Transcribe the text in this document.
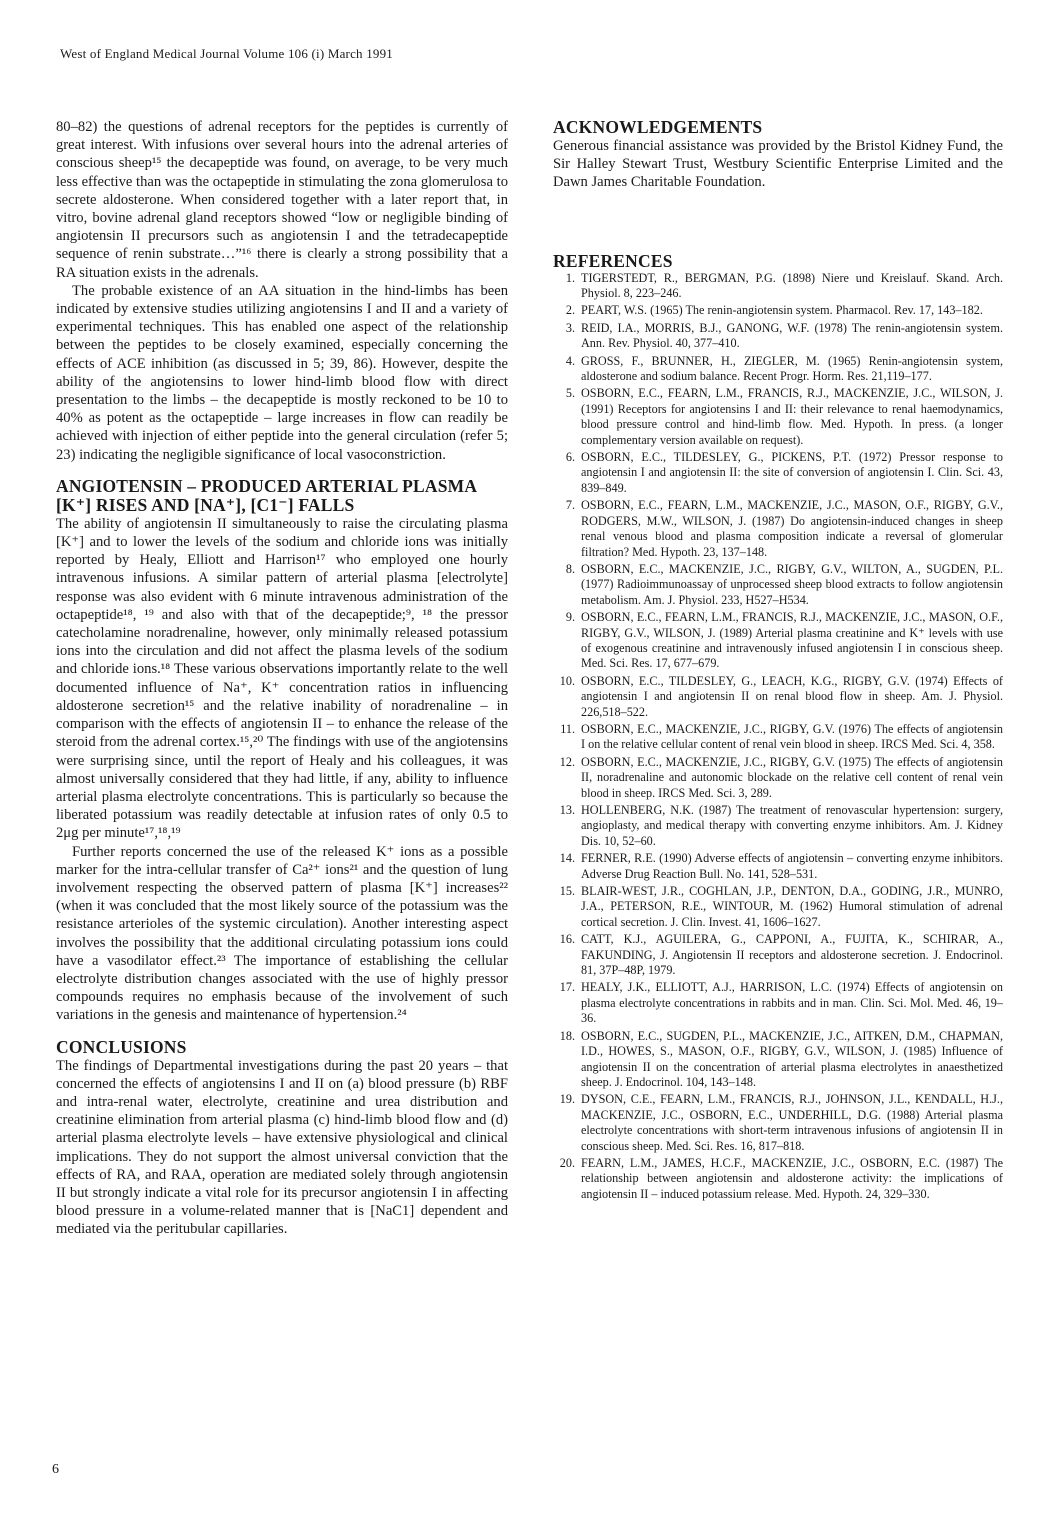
West of England Medical Journal Volume 106 (i) March 1991

80–82) the questions of adrenal receptors for the peptides is currently of great interest. With infusions over several hours into the adrenal arteries of conscious sheep¹⁵ the decapeptide was found, on average, to be very much less effective than was the octapeptide in stimulating the zona glomerulosa to secrete aldosterone. When considered together with a later report that, in vitro, bovine adrenal gland receptors showed “low or negligible binding of angiotensin II precursors such as angiotensin I and the tetradecapeptide sequence of renin substrate…”¹⁶ there is clearly a strong possibility that a RA situation exists in the adrenals.

The probable existence of an AA situation in the hind-limbs has been indicated by extensive studies utilizing angiotensins I and II and a variety of experimental techniques. This has enabled one aspect of the relationship between the peptides to be closely examined, especially concerning the effects of ACE inhibition (as discussed in 5; 39, 86). However, despite the ability of the angiotensins to lower hind-limb blood flow with direct presentation to the limbs – the decapeptide is mostly reckoned to be 10 to 40% as potent as the octapeptide – large increases in flow can readily be achieved with injection of either peptide into the general circulation (refer 5; 23) indicating the negligible significance of local vasoconstriction.

ANGIOTENSIN – PRODUCED ARTERIAL PLASMA [K⁺] RISES AND [NA⁺], [C1⁻] FALLS

The ability of angiotensin II simultaneously to raise the circulating plasma [K⁺] and to lower the levels of the sodium and chloride ions was initially reported by Healy, Elliott and Harrison¹⁷ who employed one hourly intravenous infusions. A similar pattern of arterial plasma [electrolyte] response was also evident with 6 minute intravenous administration of the octapeptide¹⁸, ¹⁹ and also with that of the decapeptide;⁹, ¹⁸ the pressor catecholamine noradrenaline, however, only minimally released potassium ions into the circulation and did not affect the plasma levels of the sodium and chloride ions.¹⁸ These various observations importantly relate to the well documented influence of Na⁺, K⁺ concentration ratios in influencing aldosterone secretion¹⁵ and the relative inability of noradrenaline – in comparison with the effects of angiotensin II – to enhance the release of the steroid from the adrenal cortex.¹⁵,²⁰ The findings with use of the angiotensins were surprising since, until the report of Healy and his colleagues, it was almost universally considered that they had little, if any, ability to influence arterial plasma electrolyte concentrations. This is particularly so because the liberated potassium was readily detectable at infusion rates of only 0.5 to 2μg per minute¹⁷,¹⁸,¹⁹

Further reports concerned the use of the released K⁺ ions as a possible marker for the intra-cellular transfer of Ca²⁺ ions²¹ and the question of lung involvement respecting the observed pattern of plasma [K⁺] increases²² (when it was concluded that the most likely source of the potassium was the resistance arterioles of the systemic circulation). Another interesting aspect involves the possibility that the additional circulating potassium ions could have a vasodilator effect.²³ The importance of establishing the cellular electrolyte distribution changes associated with the use of highly pressor compounds requires no emphasis because of the involvement of such variations in the genesis and maintenance of hypertension.²⁴

CONCLUSIONS

The findings of Departmental investigations during the past 20 years – that concerned the effects of angiotensins I and II on (a) blood pressure (b) RBF and intra-renal water, electrolyte, creatinine and urea distribution and creatinine elimination from arterial plasma (c) hind-limb blood flow and (d) arterial plasma electrolyte levels – have extensive physiological and clinical implications. They do not support the almost universal conviction that the effects of RA, and RAA, operation are mediated solely through angiotensin II but strongly indicate a vital role for its precursor angiotensin I in affecting blood pressure in a volume-related manner that is [NaC1] dependent and mediated via the peritubular capillaries.

ACKNOWLEDGEMENTS

Generous financial assistance was provided by the Bristol Kidney Fund, the Sir Halley Stewart Trust, Westbury Scientific Enterprise Limited and the Dawn James Charitable Foundation.

REFERENCES
1. TIGERSTEDT, R., BERGMAN, P.G. (1898) Niere und Kreislauf. Skand. Arch. Physiol. 8, 223–246.
2. PEART, W.S. (1965) The renin-angiotensin system. Pharmacol. Rev. 17, 143–182.
3. REID, I.A., MORRIS, B.J., GANONG, W.F. (1978) The renin-angiotensin system. Ann. Rev. Physiol. 40, 377–410.
4. GROSS, F., BRUNNER, H., ZIEGLER, M. (1965) Renin-angiotensin system, aldosterone and sodium balance. Recent Progr. Horm. Res. 21,119–177.
5. OSBORN, E.C., FEARN, L.M., FRANCIS, R.J., MACKENZIE, J.C., WILSON, J. (1991) Receptors for angiotensins I and II: their relevance to renal haemodynamics, blood pressure control and hind-limb flow. Med. Hypoth. In press. (a longer complementary version available on request).
6. OSBORN, E.C., TILDESLEY, G., PICKENS, P.T. (1972) Pressor response to angiotensin I and angiotensin II: the site of conversion of angiotensin I. Clin. Sci. 43, 839–849.
7. OSBORN, E.C., FEARN, L.M., MACKENZIE, J.C., MASON, O.F., RIGBY, G.V., RODGERS, M.W., WILSON, J. (1987) Do angiotensin-induced changes in sheep renal venous blood and plasma composition indicate a reversal of glomerular filtration? Med. Hypoth. 23, 137–148.
8. OSBORN, E.C., MACKENZIE, J.C., RIGBY, G.V., WILTON, A., SUGDEN, P.L. (1977) Radioimmunoassay of unprocessed sheep blood extracts to follow angiotensin metabolism. Am. J. Physiol. 233, H527–H534.
9. OSBORN, E.C., FEARN, L.M., FRANCIS, R.J., MACKENZIE, J.C., MASON, O.F., RIGBY, G.V., WILSON, J. (1989) Arterial plasma creatinine and K⁺ levels with use of exogenous creatinine and intravenously infused angiotensin I in conscious sheep. Med. Sci. Res. 17, 677–679.
10. OSBORN, E.C., TILDESLEY, G., LEACH, K.G., RIGBY, G.V. (1974) Effects of angiotensin I and angiotensin II on renal blood flow in sheep. Am. J. Physiol. 226,518–522.
11. OSBORN, E.C., MACKENZIE, J.C., RIGBY, G.V. (1976) The effects of angiotensin I on the relative cellular content of renal vein blood in sheep. IRCS Med. Sci. 4, 358.
12. OSBORN, E.C., MACKENZIE, J.C., RIGBY, G.V. (1975) The effects of angiotensin II, noradrenaline and autonomic blockade on the relative cell content of renal vein blood in sheep. IRCS Med. Sci. 3, 289.
13. HOLLENBERG, N.K. (1987) The treatment of renovascular hypertension: surgery, angioplasty, and medical therapy with converting enzyme inhibitors. Am. J. Kidney Dis. 10, 52–60.
14. FERNER, R.E. (1990) Adverse effects of angiotensin – converting enzyme inhibitors. Adverse Drug Reaction Bull. No. 141, 528–531.
15. BLAIR-WEST, J.R., COGHLAN, J.P., DENTON, D.A., GODING, J.R., MUNRO, J.A., PETERSON, R.E., WINTOUR, M. (1962) Humoral stimulation of adrenal cortical secretion. J. Clin. Invest. 41, 1606–1627.
16. CATT, K.J., AGUILERA, G., CAPPONI, A., FUJITA, K., SCHIRAR, A., FAKUNDING, J. Angiotensin II receptors and aldosterone secretion. J. Endocrinol. 81, 37P–48P, 1979.
17. HEALY, J.K., ELLIOTT, A.J., HARRISON, L.C. (1974) Effects of angiotensin on plasma electrolyte concentrations in rabbits and in man. Clin. Sci. Mol. Med. 46, 19–36.
18. OSBORN, E.C., SUGDEN, P.L., MACKENZIE, J.C., AITKEN, D.M., CHAPMAN, I.D., HOWES, S., MASON, O.F., RIGBY, G.V., WILSON, J. (1985) Influence of angiotensin II on the concentration of arterial plasma electrolytes in anaesthetized sheep. J. Endocrinol. 104, 143–148.
19. DYSON, C.E., FEARN, L.M., FRANCIS, R.J., JOHNSON, J.L., KENDALL, H.J., MACKENZIE, J.C., OSBORN, E.C., UNDERHILL, D.G. (1988) Arterial plasma electrolyte concentrations with short-term intravenous infusions of angiotensin II in conscious sheep. Med. Sci. Res. 16, 817–818.
20. FEARN, L.M., JAMES, H.C.F., MACKENZIE, J.C., OSBORN, E.C. (1987) The relationship between angiotensin and aldosterone activity: the implications of angiotensin II – induced potassium release. Med. Hypoth. 24, 329–330.
6
